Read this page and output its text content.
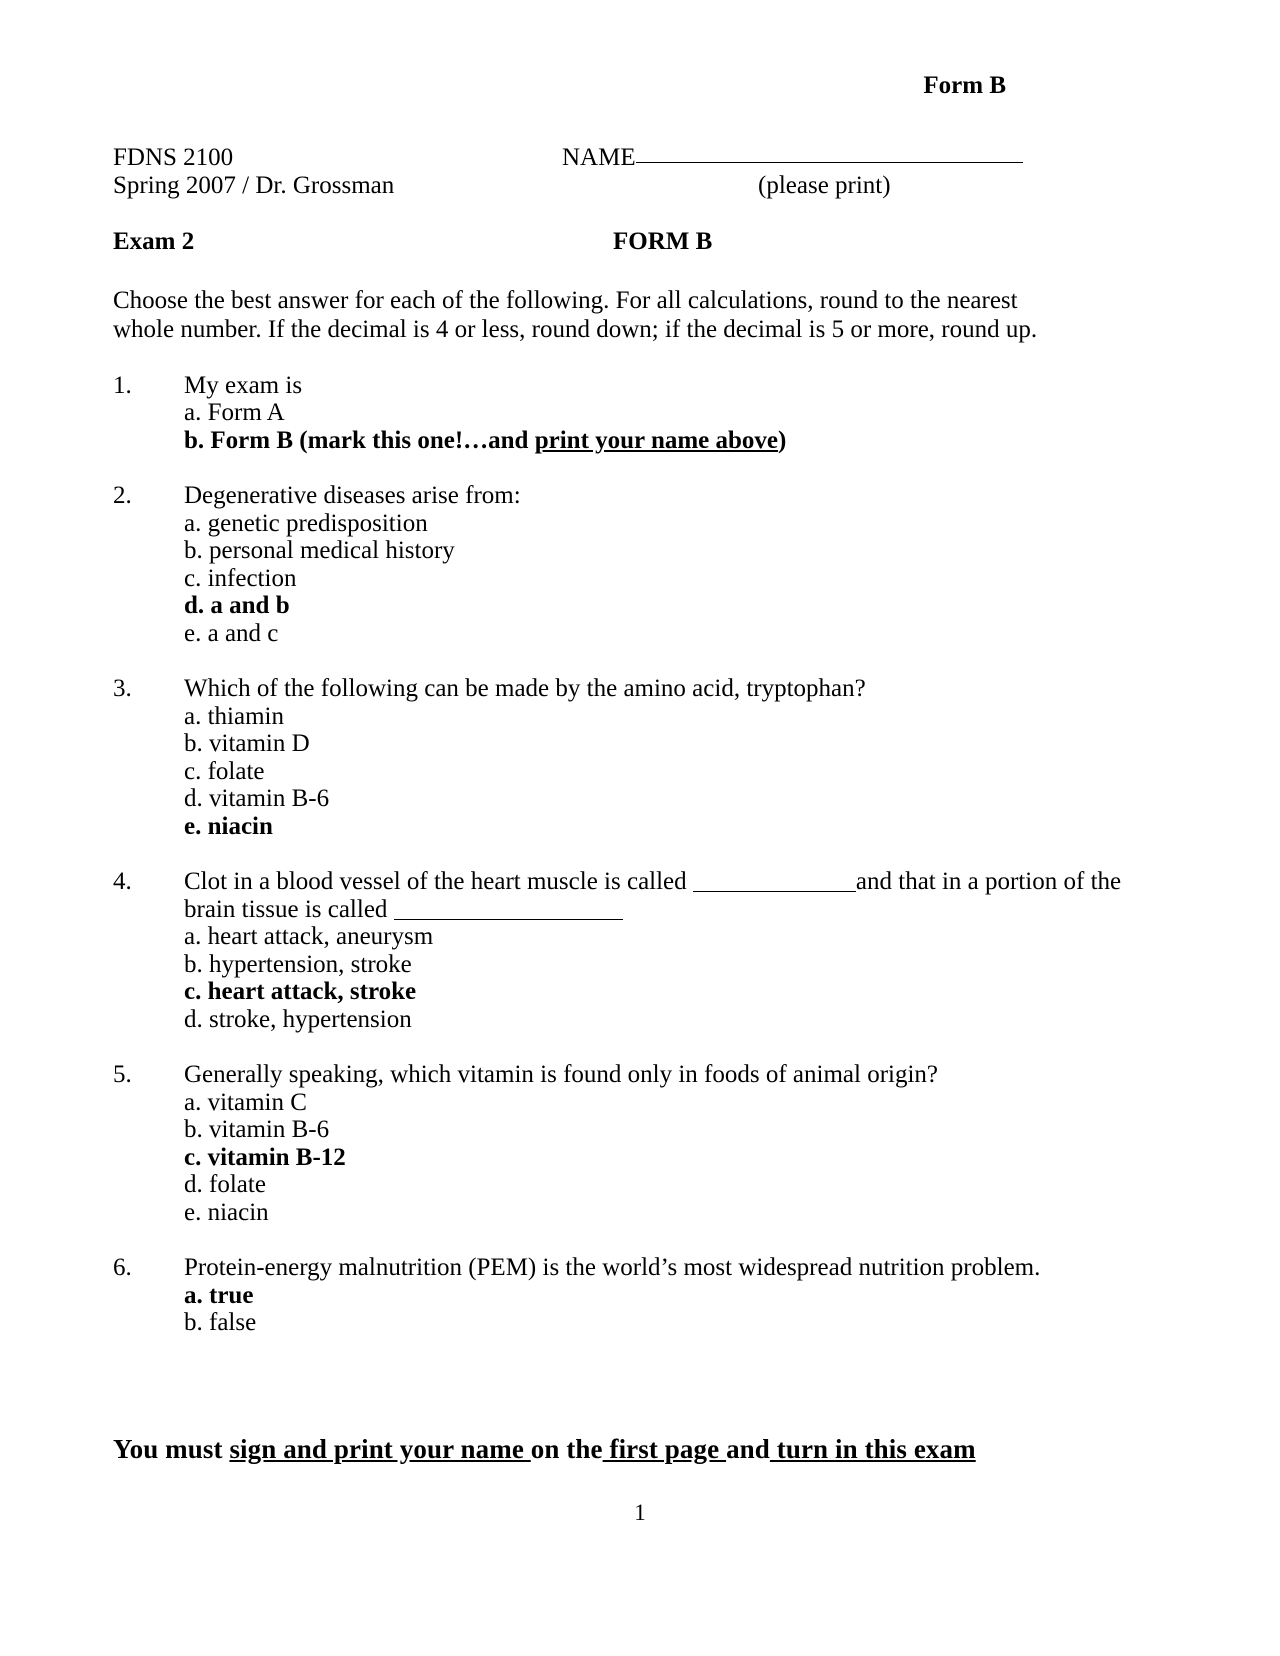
Form B
FDNS 2100
Spring 2007 / Dr. Grossman
NAME
(please print)
Exam 2	FORM B
Choose the best answer for each of the following. For all calculations, round to the nearest whole number. If the decimal is 4 or less, round down; if the decimal is 5 or more, round up.
1.	My exam is
a. Form A
b. Form B (mark this one!…and print your name above)
2.	Degenerative diseases arise from:
a. genetic predisposition
b. personal medical history
c. infection
d. a and b
e. a and c
3.	Which of the following can be made by the amino acid, tryptophan?
a. thiamin
b. vitamin D
c. folate
d. vitamin B-6
e. niacin
4.	Clot in a blood vessel of the heart muscle is called	and that in a portion of the brain tissue is called
a. heart attack, aneurysm
b. hypertension, stroke
c. heart attack, stroke
d. stroke, hypertension
5.	Generally speaking, which vitamin is found only in foods of animal origin?
a. vitamin C
b. vitamin B-6
c. vitamin B-12
d. folate
e. niacin
6.	Protein-energy malnutrition (PEM) is the world’s most widespread nutrition problem.
a. true
b. false
You must sign and print your name on the first page and turn in this exam
1
